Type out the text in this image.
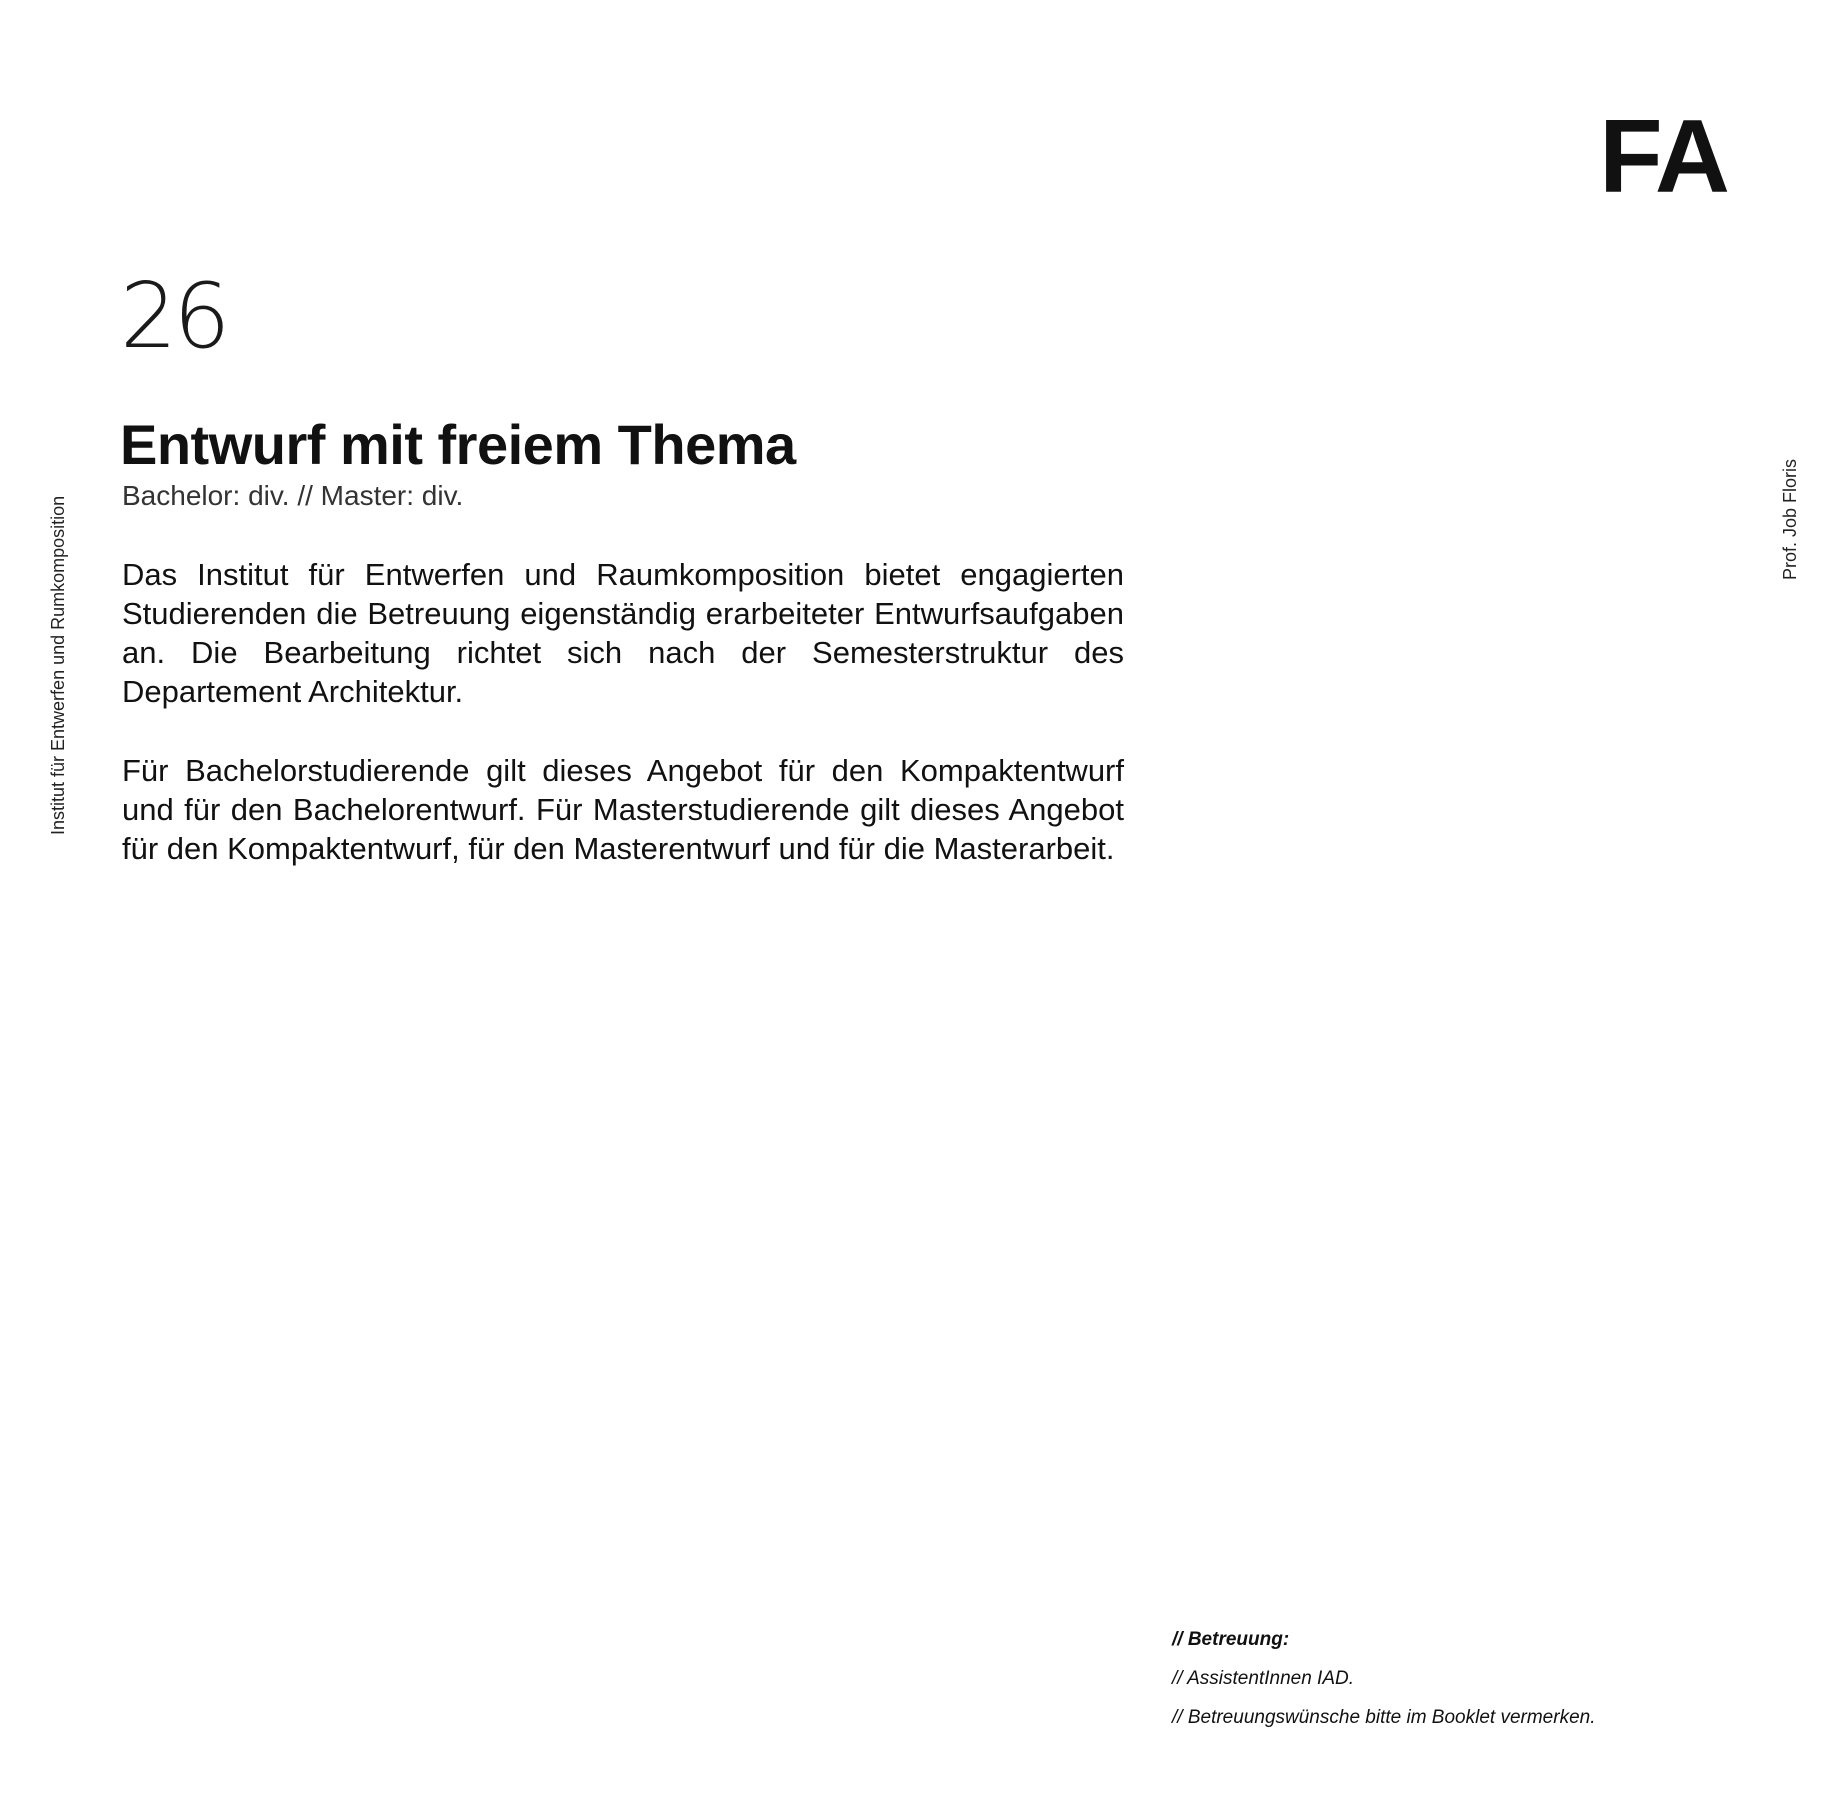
FA
26
Institut für Entwerfen und Rumkomposition	Prof. Job Floris
Entwurf mit freiem Thema
Bachelor: div. // Master: div.

Das Institut für Entwerfen und Raumkomposition bietet engagierten Studierenden die Betreuung eigenständig erarbeiteter Entwurfsaufgaben an. Die Bearbeitung richtet sich nach der Semesterstruktur des Departement Architektur.

Für Bachelorstudierende gilt dieses Angebot für den Kompaktentwurf und für den Bachelorentwurf. Für Masterstudierende gilt dieses Angebot für den Kompaktentwurf, für den Masterentwurf und für die Masterarbeit.

// Betreuung:
// AssistentInnen IAD.
// Betreuungswünsche bitte im Booklet vermerken.
